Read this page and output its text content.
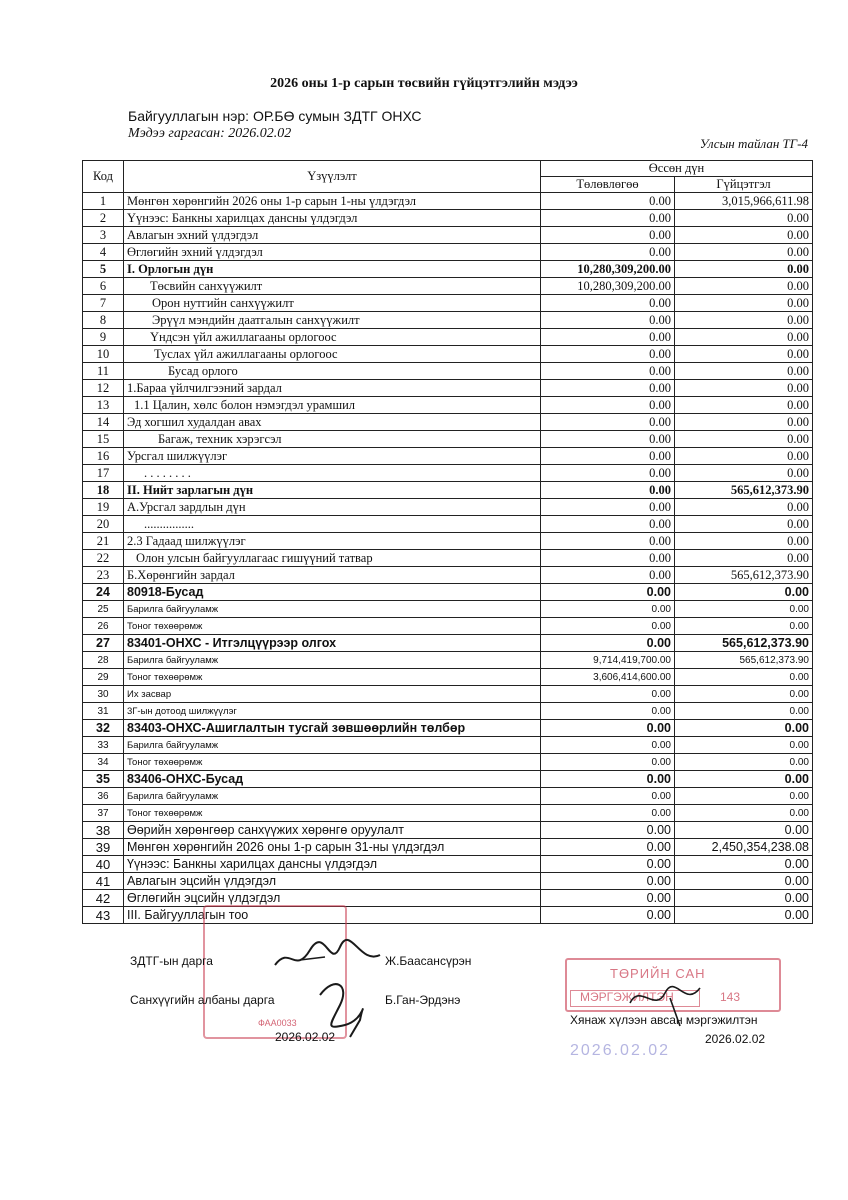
2026 оны 1-р сарын төсвийн гүйцэтгэлийн мэдээ
Байгууллагын нэр: ОР.БӨ сумын ЗДТГ ОНХС
Мэдээ гаргасан: 2026.02.02
Улсын тайлан ТГ-4
Код	Үзүүлэлт	Өссөн дүн	
		Төлөвлөгөө	Гүйцэтгэл
1	Мөнгөн хөрөнгийн 2026 оны 1-р сарын 1-ны үлдэгдэл	0.00	3,015,966,611.98
2	Үүнээс: Банкны харилцах дансны үлдэгдэл	0.00	0.00
3	Авлагын эхний үлдэгдэл	0.00	0.00
4	Өглөгийн эхний үлдэгдэл	0.00	0.00
5	I. Орлогын дүн	10,280,309,200.00	0.00
6	Төсвийн санхүүжилт	10,280,309,200.00	0.00
7	Орон нутгийн санхүүжилт	0.00	0.00
8	Эрүүл мэндийн даатгалын санхүүжилт	0.00	0.00
9	Үндсэн үйл ажиллагааны орлогоос	0.00	0.00
10	Туслах үйл ажиллагааны орлогоос	0.00	0.00
11	Бусад орлого	0.00	0.00
12	1.Бараа үйлчилгээний зардал	0.00	0.00
13	1.1 Цалин, хөлс болон нэмэгдэл урамшил	0.00	0.00
14	Эд хогшил худалдан авах	0.00	0.00
15	Багаж, техник хэрэгсэл	0.00	0.00
16	Урсгал шилжүүлэг	0.00	0.00
17	. . . . . . . .	0.00	0.00
18	II. Нийт зарлагын дүн	0.00	565,612,373.90
19	А.Урсгал зардлын дүн	0.00	0.00
20	................	0.00	0.00
21	2.3 Гадаад шилжүүлэг	0.00	0.00
22	Олон улсын байгууллагаас гишүүний татвар	0.00	0.00
23	Б.Хөрөнгийн зардал	0.00	565,612,373.90
24	80918-Бусад	0.00	0.00
25	Барилга байгууламж	0.00	0.00
26	Тоног төхөөрөмж	0.00	0.00
27	83401-ОНХС - Итгэлцүүрээр олгох	0.00	565,612,373.90
28	Барилга байгууламж	9,714,419,700.00	565,612,373.90
29	Тоног төхөөрөмж	3,606,414,600.00	0.00
30	Их засвар	0.00	0.00
31	3Г-ын дотоод шилжүүлэг	0.00	0.00
32	83403-ОНХС-Ашиглалтын тусгай зөвшөөрлийн төлбөр	0.00	0.00
33	Барилга байгууламж	0.00	0.00
34	Тоног төхөөрөмж	0.00	0.00
35	83406-ОНХС-Бусад	0.00	0.00
36	Барилга байгууламж	0.00	0.00
37	Тоног төхөөрөмж	0.00	0.00
38	Өөрийн хөрөнгөөр санхүүжих хөрөнгө оруулалт	0.00	0.00
39	Мөнгөн хөрөнгийн 2026 оны 1-р сарын 31-ны үлдэгдэл	0.00	2,450,354,238.08
40	Үүнээс: Банкны харилцах дансны үлдэгдэл	0.00	0.00
41	Авлагын эцсийн үлдэгдэл	0.00	0.00
42	Өглөгийн эцсийн үлдэгдэл	0.00	0.00
43	III. Байгууллагын тоо	0.00	0.00
ФАА0033
ТӨРИЙН САН
МЭРГЭЖИЛТЭН	143
ЗДТГ-ын дарга	Ж.Баасансүрэн
Санхүүгийн албаны дарга	Б.Ган-Эрдэнэ
2026.02.02
Хянаж хүлээн авсан мэргэжилтэн
2026.02.02
2026.02.02
